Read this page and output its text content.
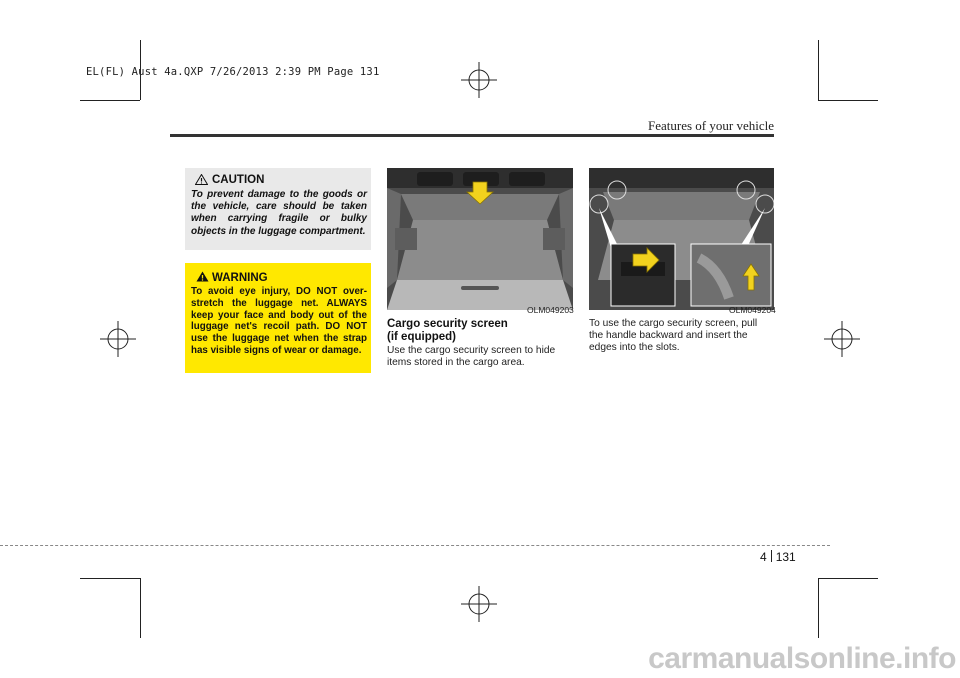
EL(FL) Aust 4a.QXP 7/26/2013 2:39 PM Page 131
Features of your vehicle
CAUTION
To prevent damage to the goods or the vehicle, care should be taken when carrying fragile or bulky objects in the luggage compartment.
WARNING
To avoid eye injury, DO NOT over-stretch the luggage net. ALWAYS keep your face and body out of the luggage net's recoil path. DO NOT use the luggage net when the strap has visible signs of wear or damage.
OLM049203	OLM049204
Cargo security screen
(if equipped)
Use the cargo security screen to hide items stored in the cargo area.
To use the cargo security screen, pull the handle backward and insert the edges into the slots.
4 131
carmanualsonline.info
